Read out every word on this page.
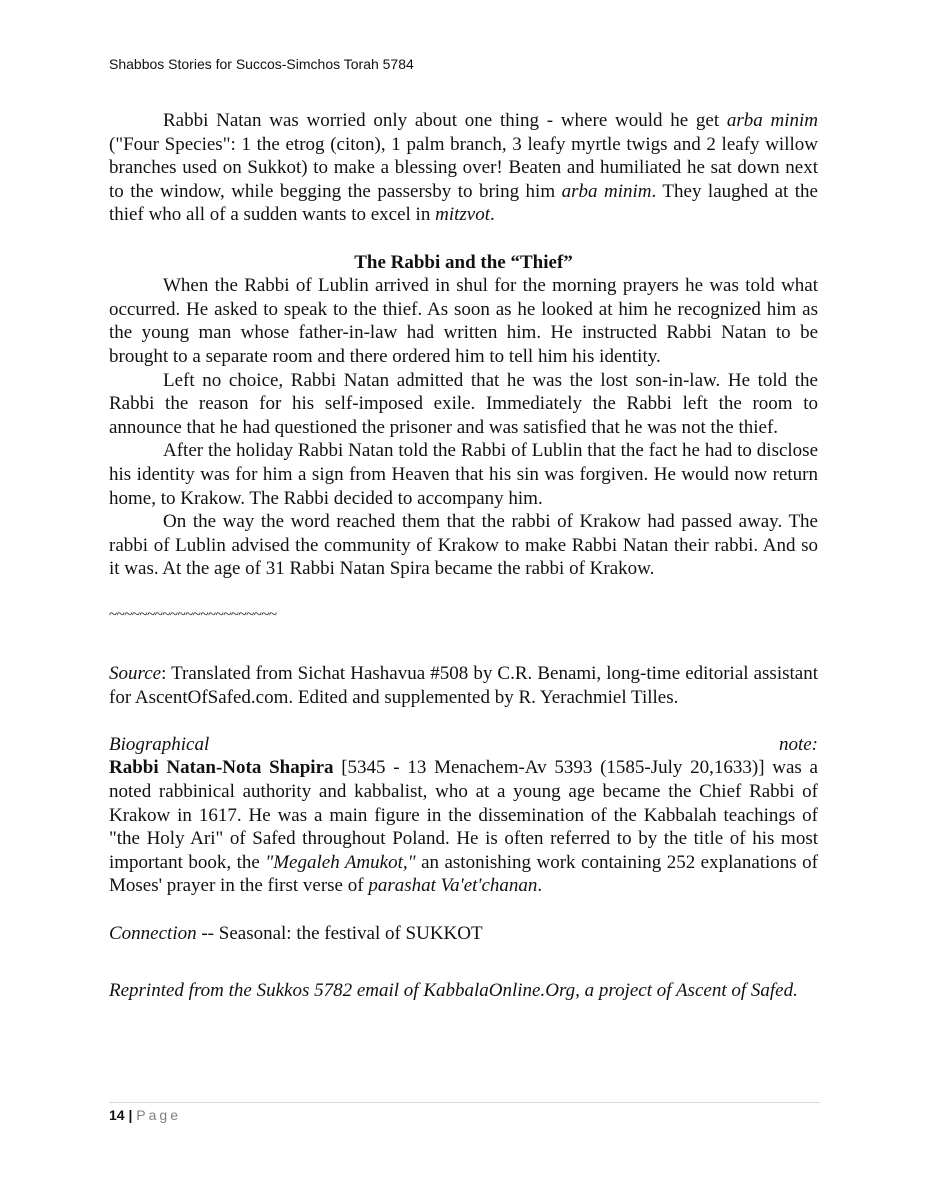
Shabbos Stories for Succos-Simchos Torah 5784

Rabbi Natan was worried only about one thing - where would he get arba minim ("Four Species": 1 the etrog (citon), 1 palm branch, 3 leafy myrtle twigs and 2 leafy willow branches used on Sukkot) to make a blessing over! Beaten and humiliated he sat down next to the window, while begging the passersby to bring him arba minim. They laughed at the thief who all of a sudden wants to excel in mitzvot.

The Rabbi and the “Thief”

When the Rabbi of Lublin arrived in shul for the morning prayers he was told what occurred. He asked to speak to the thief. As soon as he looked at him he recognized him as the young man whose father-in-law had written him. He instructed Rabbi Natan to be brought to a separate room and there ordered him to tell him his identity.

Left no choice, Rabbi Natan admitted that he was the lost son-in-law. He told the Rabbi the reason for his self-imposed exile. Immediately the Rabbi left the room to announce that he had questioned the prisoner and was satisfied that he was not the thief.

After the holiday Rabbi Natan told the Rabbi of Lublin that the fact he had to disclose his identity was for him a sign from Heaven that his sin was forgiven. He would now return home, to Krakow. The Rabbi decided to accompany him.

On the way the word reached them that the rabbi of Krakow had passed away. The rabbi of Lublin advised the community of Krakow to make Rabbi Natan their rabbi. And so it was. At the age of 31 Rabbi Natan Spira became the rabbi of Krakow.

~~~~~~~~~~~~~~~~~~~~~~

Source: Translated from Sichat Hashavua #508 by C.R. Benami, long-time editorial assistant for AscentOfSafed.com. Edited and supplemented by R. Yerachmiel Tilles.

Biographical	note:

Rabbi Natan-Nota Shapira [5345 - 13 Menachem-Av 5393 (1585-July 20,1633)] was a noted rabbinical authority and kabbalist, who at a young age became the Chief Rabbi of Krakow in 1617. He was a main figure in the dissemination of the Kabbalah teachings of "the Holy Ari" of Safed throughout Poland. He is often referred to by the title of his most important book, the "Megaleh Amukot," an astonishing work containing 252 explanations of Moses' prayer in the first verse of parashat Va'et'chanan.

Connection -- Seasonal: the festival of SUKKOT

Reprinted from the Sukkos 5782 email of KabbalaOnline.Org, a project of Ascent of Safed.

14 | Page
